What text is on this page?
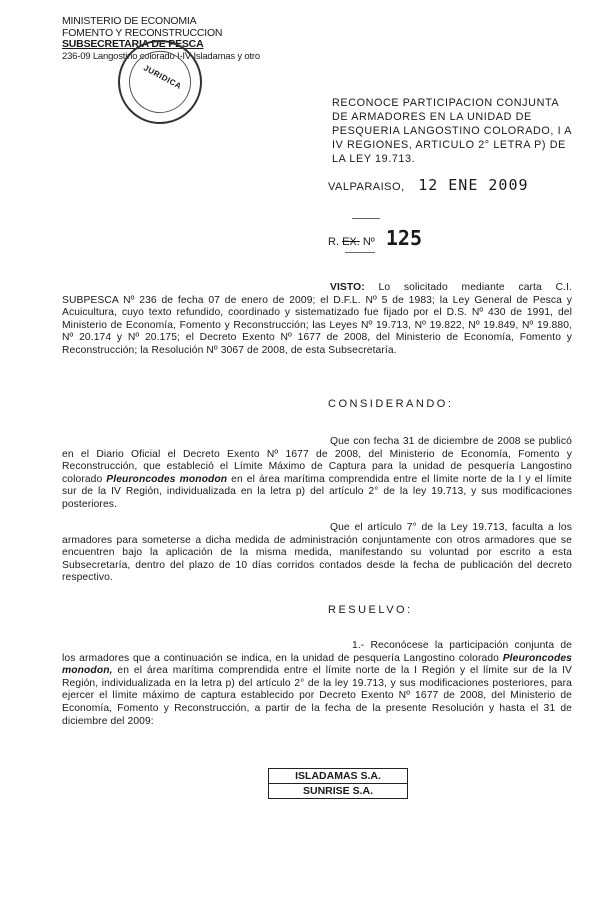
MINISTERIO DE ECONOMIA
FOMENTO Y RECONSTRUCCION
SUBSECRETARIA DE PESCA
236-09 Langostino colorado I-IV Isladamas y otro
JURIDICA
RECONOCE PARTICIPACION CONJUNTA DE ARMADORES EN LA UNIDAD DE PESQUERIA LANGOSTINO COLORADO, I A IV REGIONES, ARTICULO 2° LETRA P) DE LA LEY 19.713.
VALPARAISO, 12 ENE 2009
R. EX. Nº 125
VISTO: Lo solicitado mediante carta C.I. SUBPESCA Nº 236 de fecha 07 de enero de 2009; el D.F.L. Nº 5 de 1983; la Ley General de Pesca y Acuicultura, cuyo texto refundido, coordinado y sistematizado fue fijado por el D.S. Nº 430 de 1991, del Ministerio de Economía, Fomento y Reconstrucción; las Leyes Nº 19.713, Nº 19.822, Nº 19.849, Nº 19.880, Nº 20.174 y Nº 20.175; el Decreto Exento Nº 1677 de 2008, del Ministerio de Economía, Fomento y Reconstrucción; la Resolución Nº 3067 de 2008, de esta Subsecretaría.
CONSIDERANDO:
Que con fecha 31 de diciembre de 2008 se publicó en el Diario Oficial el Decreto Exento Nº 1677 de 2008, del Ministerio de Economía, Fomento y Reconstrucción, que estableció el Límite Máximo de Captura para la unidad de pesquería Langostino colorado Pleuroncodes monodon en el área marítima comprendida entre el límite norte de la I y el límite sur de la IV Región, individualizada en la letra p) del artículo 2° de la ley 19.713, y sus modificaciones posteriores.
Que el artículo 7° de la Ley 19.713, faculta a los armadores para someterse a dicha medida de administración conjuntamente con otros armadores que se encuentren bajo la aplicación de la misma medida, manifestando su voluntad por escrito a esta Subsecretaría, dentro del plazo de 10 días corridos contados desde la fecha de publicación del decreto respectivo.
RESUELVO:
1.- Reconócese la participación conjunta de los armadores que a continuación se indica, en la unidad de pesquería Langostino colorado Pleuroncodes monodon, en el área marítima comprendida entre el límite norte de la I Región y el límite sur de la IV Región, individualizada en la letra p) del artículo 2° de la ley 19.713, y sus modificaciones posteriores, para ejercer el límite máximo de captura establecido por Decreto Exento Nº 1677 de 2008, del Ministerio de Economía, Fomento y Reconstrucción, a partir de la fecha de la presente Resolución y hasta el 31 de diciembre del 2009:
ISLADAMAS S.A.
SUNRISE S.A.
